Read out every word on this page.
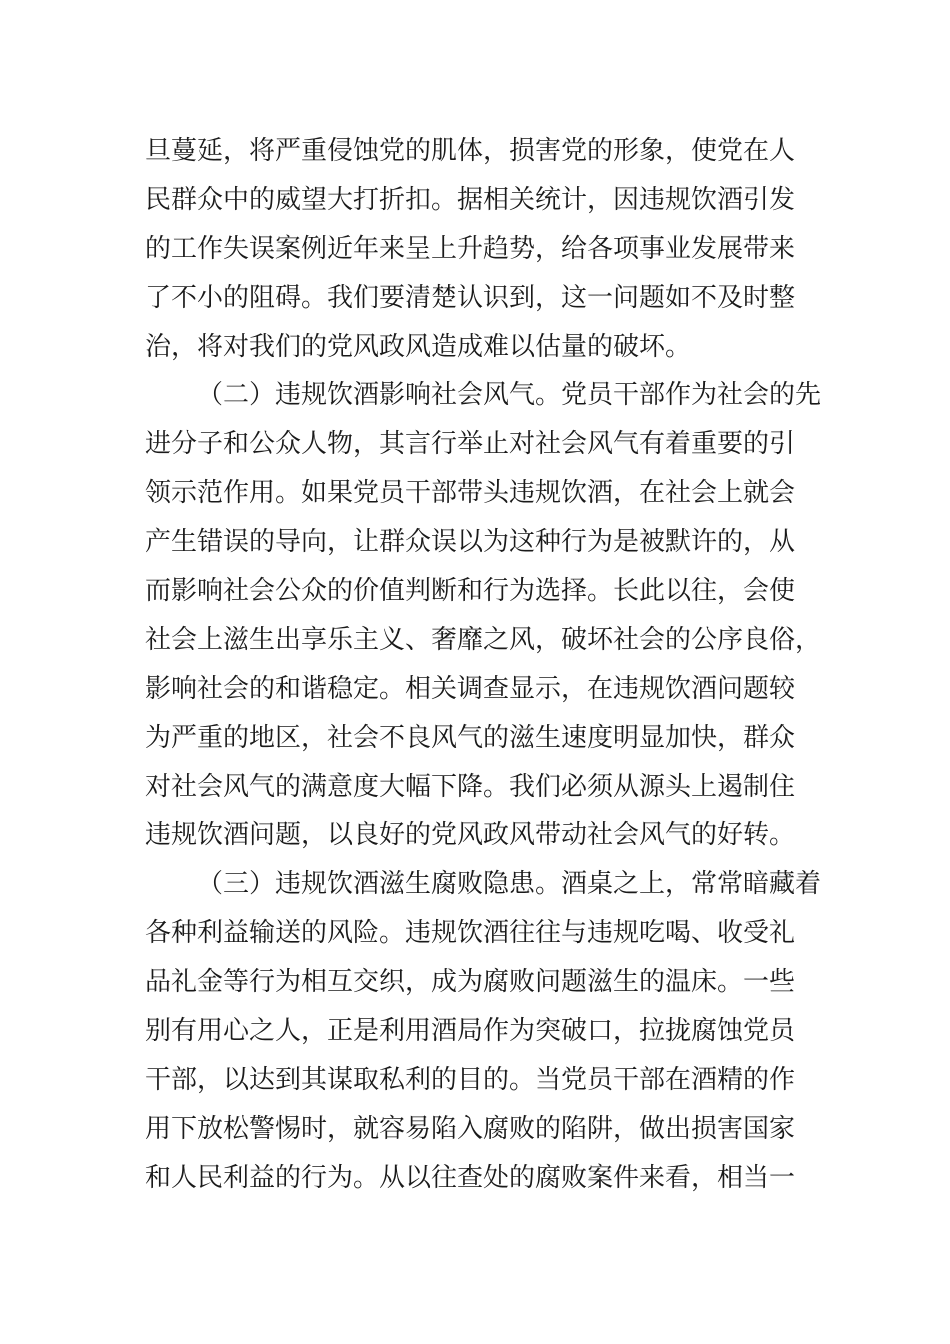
旦蔓延，将严重侵蚀党的肌体，损害党的形象，使党在人
民群众中的威望大打折扣。据相关统计，因违规饮酒引发
的工作失误案例近年来呈上升趋势，给各项事业发展带来
了不小的阻碍。我们要清楚认识到，这一问题如不及时整
治，将对我们的党风政风造成难以估量的破坏。
（二）违规饮酒影响社会风气。党员干部作为社会的先
进分子和公众人物，其言行举止对社会风气有着重要的引
领示范作用。如果党员干部带头违规饮酒，在社会上就会
产生错误的导向，让群众误以为这种行为是被默许的，从
而影响社会公众的价值判断和行为选择。长此以往，会使
社会上滋生出享乐主义、奢靡之风，破坏社会的公序良俗，
影响社会的和谐稳定。相关调查显示，在违规饮酒问题较
为严重的地区，社会不良风气的滋生速度明显加快，群众
对社会风气的满意度大幅下降。我们必须从源头上遏制住
违规饮酒问题，以良好的党风政风带动社会风气的好转。
（三）违规饮酒滋生腐败隐患。酒桌之上，常常暗藏着
各种利益输送的风险。违规饮酒往往与违规吃喝、收受礼
品礼金等行为相互交织，成为腐败问题滋生的温床。一些
别有用心之人，正是利用酒局作为突破口，拉拢腐蚀党员
干部，以达到其谋取私利的目的。当党员干部在酒精的作
用下放松警惕时，就容易陷入腐败的陷阱，做出损害国家
和人民利益的行为。从以往查处的腐败案件来看，相当一
